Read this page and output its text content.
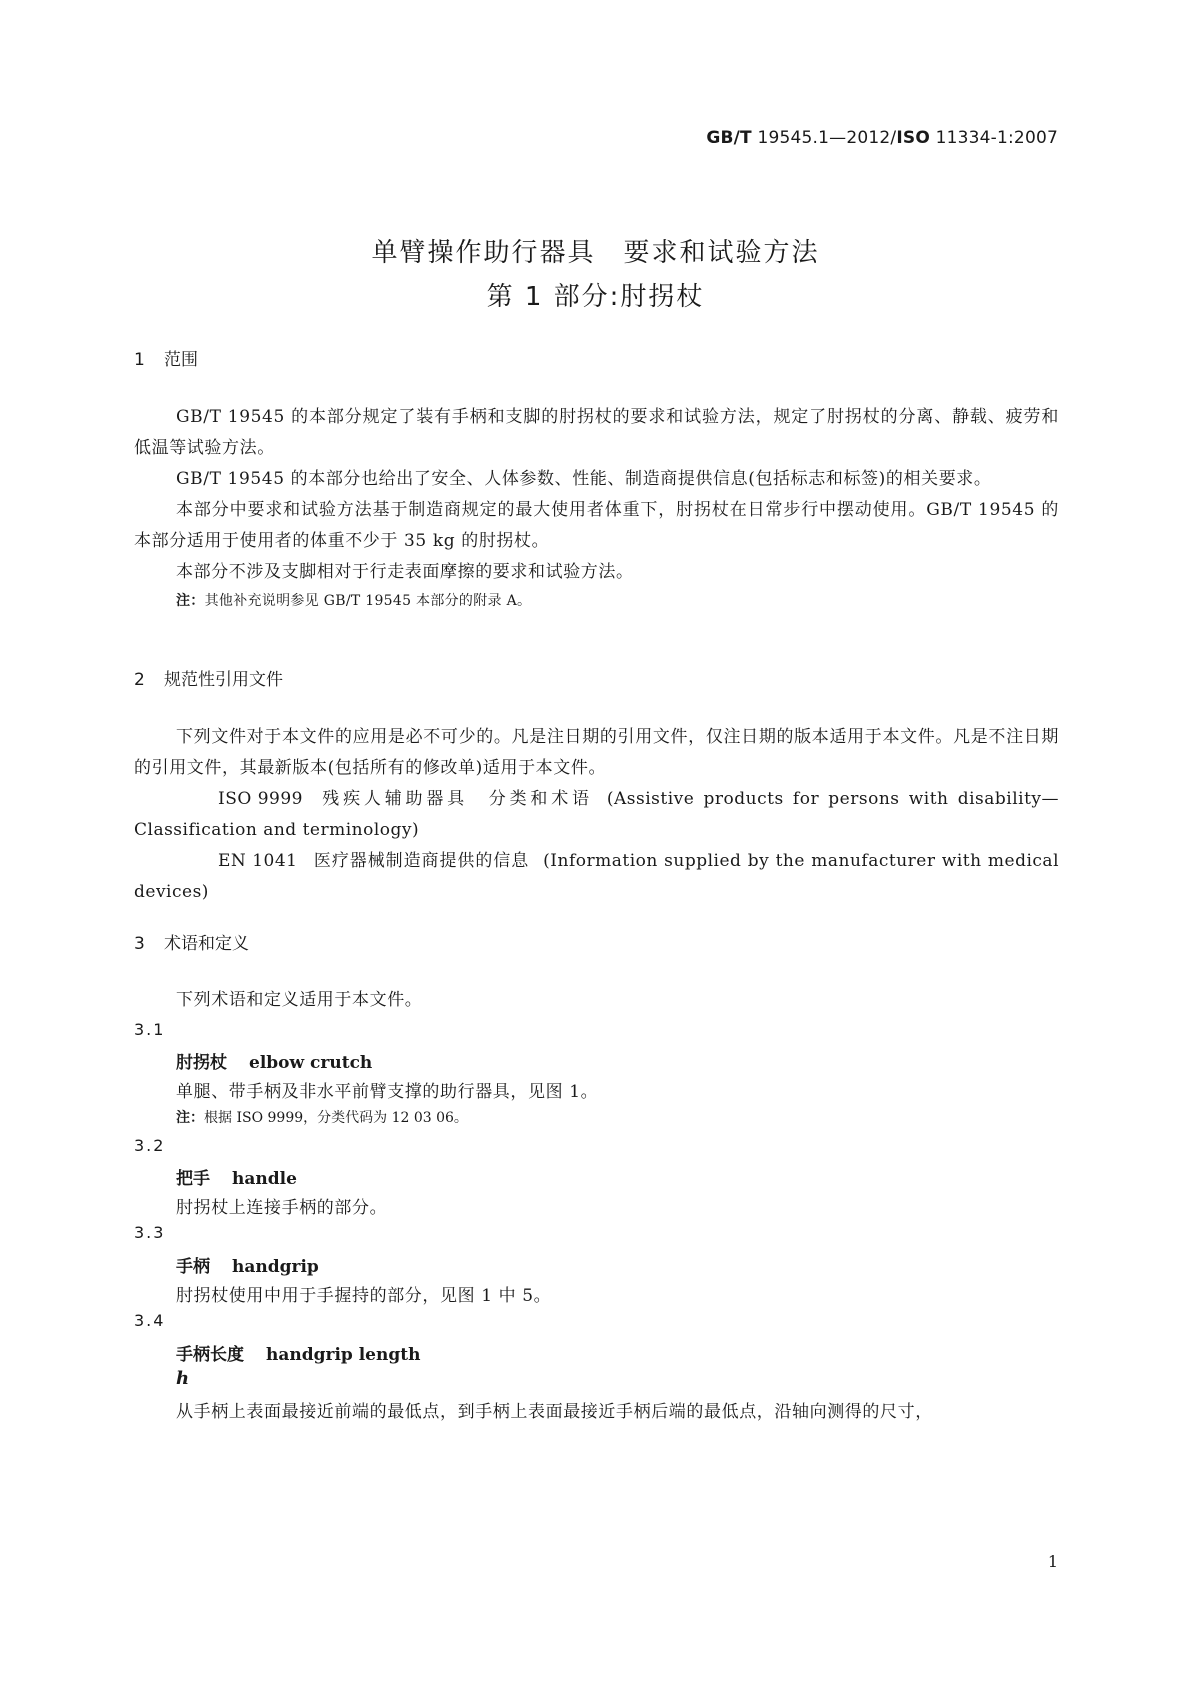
GB/T 19545.1—2012/ISO 11334-1:2007
单臂操作助行器具　要求和试验方法
第 1 部分:肘拐杖
1 范围

GB/T 19545 的本部分规定了装有手柄和支脚的肘拐杖的要求和试验方法，规定了肘拐杖的分离、静载、疲劳和低温等试验方法。

GB/T 19545 的本部分也给出了安全、人体参数、性能、制造商提供信息(包括标志和标签)的相关要求。

本部分中要求和试验方法基于制造商规定的最大使用者体重下，肘拐杖在日常步行中摆动使用。GB/T 19545 的本部分适用于使用者的体重不少于 35 kg 的肘拐杖。

本部分不涉及支脚相对于行走表面摩擦的要求和试验方法。

注：其他补充说明参见 GB/T 19545 本部分的附录 A。

2 规范性引用文件

下列文件对于本文件的应用是必不可少的。凡是注日期的引用文件，仅注日期的版本适用于本文件。凡是不注日期的引用文件，其最新版本(包括所有的修改单)适用于本文件。

ISO 9999 残疾人辅助器具　分类和术语 (Assistive products for persons with disability—Classification and terminology)

EN 1041 医疗器械制造商提供的信息 (Information supplied by the manufacturer with medical devices)

3 术语和定义

下列术语和定义适用于本文件。

3.1
肘拐杖 elbow crutch
单腿、带手柄及非水平前臂支撑的助行器具，见图 1。
注：根据 ISO 9999，分类代码为 12 03 06。
3.2
把手 handle
肘拐杖上连接手柄的部分。
3.3
手柄 handgrip
肘拐杖使用中用于手握持的部分，见图 1 中 5。
3.4
手柄长度 handgrip length
h
从手柄上表面最接近前端的最低点，到手柄上表面最接近手柄后端的最低点，沿轴向测得的尺寸，
1
